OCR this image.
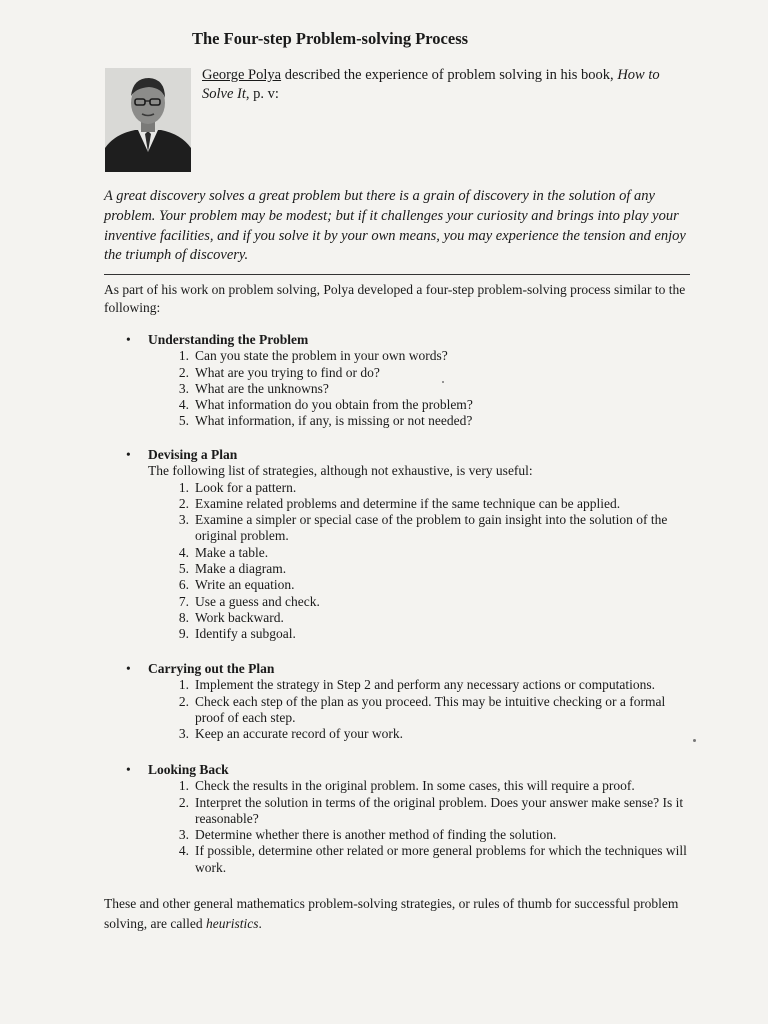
The Four-step Problem-solving Process

George Polya described the experience of problem solving in his book, How to Solve It, p. v:

A great discovery solves a great problem but there is a grain of discovery in the solution of any problem. Your problem may be modest; but if it challenges your curiosity and brings into play your inventive facilities, and if you solve it by your own means, you may experience the tension and enjoy the triumph of discovery.

As part of his work on problem solving, Polya developed a four-step problem-solving process similar to the following:

• Understanding the Problem
1. Can you state the problem in your own words?
2. What are you trying to find or do?
3. What are the unknowns?
4. What information do you obtain from the problem?
5. What information, if any, is missing or not needed?
• Devising a Plan
The following list of strategies, although not exhaustive, is very useful:
1. Look for a pattern.
2. Examine related problems and determine if the same technique can be applied.
3. Examine a simpler or special case of the problem to gain insight into the solution of the original problem.
4. Make a table.
5. Make a diagram.
6. Write an equation.
7. Use a guess and check.
8. Work backward.
9. Identify a subgoal.
• Carrying out the Plan
1. Implement the strategy in Step 2 and perform any necessary actions or computations.
2. Check each step of the plan as you proceed. This may be intuitive checking or a formal proof of each step.
3. Keep an accurate record of your work.
• Looking Back
1. Check the results in the original problem. In some cases, this will require a proof.
2. Interpret the solution in terms of the original problem. Does your answer make sense? Is it reasonable?
3. Determine whether there is another method of finding the solution.
4. If possible, determine other related or more general problems for which the techniques will work.

These and other general mathematics problem-solving strategies, or rules of thumb for successful problem solving, are called heuristics.
